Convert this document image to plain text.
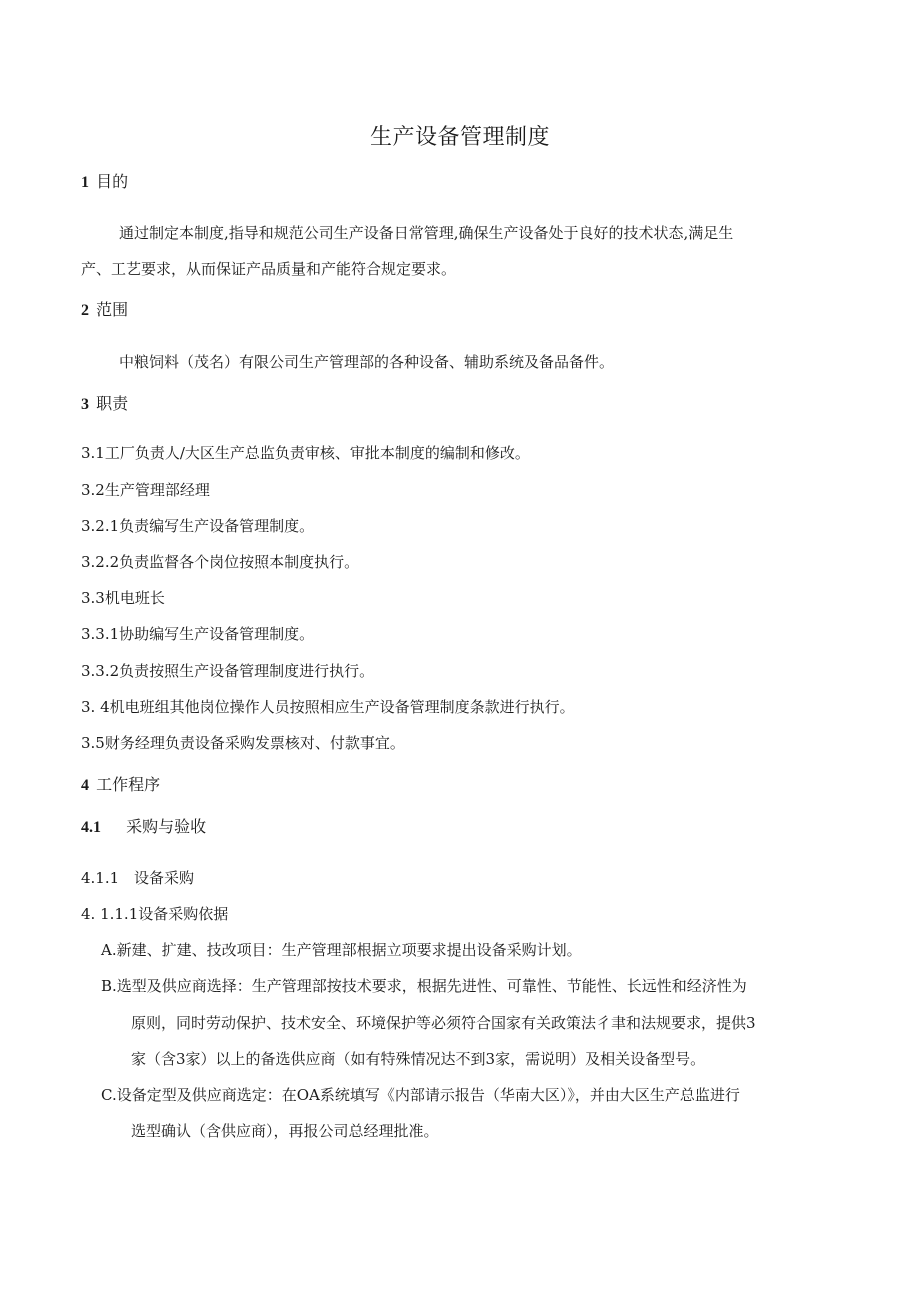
生产设备管理制度
1 目的
通过制定本制度,指导和规范公司生产设备日常管理,确保生产设备处于良好的技术状态,满足生
产、工艺要求，从而保证产品质量和产能符合规定要求。
2 范围
中粮饲料（茂名）有限公司生产管理部的各种设备、辅助系统及备品备件。
3 职责
3.1工厂负责人/大区生产总监负责审核、审批本制度的编制和修改。
3.2生产管理部经理
3.2.1负责编写生产设备管理制度。
3.2.2负责监督各个岗位按照本制度执行。
3.3机电班长
3.3.1协助编写生产设备管理制度。
3.3.2负责按照生产设备管理制度进行执行。
3. 4机电班组其他岗位操作人员按照相应生产设备管理制度条款进行执行。
3.5财务经理负责设备采购发票核对、付款事宜。
4 工作程序
4.1 采购与验收
4.1.1 设备采购
4. 1.1.1设备采购依据
A.新建、扩建、技改项目：生产管理部根据立项要求提出设备采购计划。
B.选型及供应商选择：生产管理部按技术要求，根据先进性、可靠性、节能性、长远性和经济性为
原则，同时劳动保护、技术安全、环境保护等必须符合国家有关政策法彳聿和法规要求，提供3
家（含3家）以上的备选供应商（如有特殊情况达不到3家，需说明）及相关设备型号。
C.设备定型及供应商选定：在OA系统填写《内部请示报告（华南大区）》，并由大区生产总监进行
选型确认（含供应商），再报公司总经理批准。
